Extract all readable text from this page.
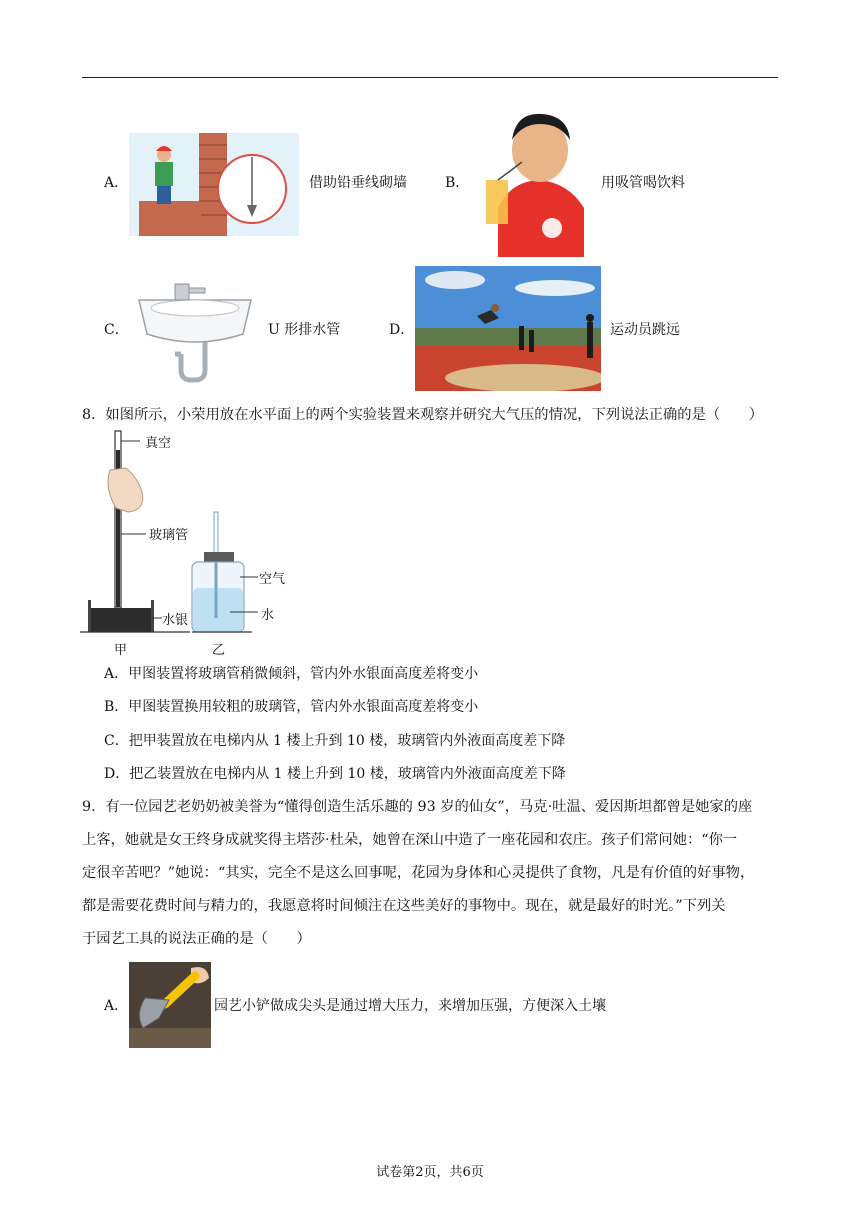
A．	借助铅垂线砌墙	B．	用吸管喝饮料
C．	U 形排水管	D．	运动员跳远
8．如图所示，小荣用放在水平面上的两个实验装置来观察并研究大气压的情况，下列说法正确的是（　　）
真空
玻璃管
水银
空气
水
甲	乙
A．甲图装置将玻璃管稍微倾斜，管内外水银面高度差将变小
B．甲图装置换用较粗的玻璃管，管内外水银面高度差将变小
C．把甲装置放在电梯内从 1 楼上升到 10 楼，玻璃管内外液面高度差下降
D．把乙装置放在电梯内从 1 楼上升到 10 楼，玻璃管内外液面高度差下降
9．有一位园艺老奶奶被美誉为“懂得创造生活乐趣的 93 岁的仙女”，马克·吐温、爱因斯坦都曾是她家的座
上客，她就是女王终身成就奖得主塔莎·杜朵，她曾在深山中造了一座花园和农庄。孩子们常问她：“你一
定很辛苦吧？”她说：“其实，完全不是这么回事呢，花园为身体和心灵提供了食物，凡是有价值的好事物，
都是需要花费时间与精力的，我愿意将时间倾注在这些美好的事物中。现在，就是最好的时光。”下列关
于园艺工具的说法正确的是（　　）
A．	园艺小铲做成尖头是通过增大压力，来增加压强，方便深入土壤
试卷第2页，共6页
